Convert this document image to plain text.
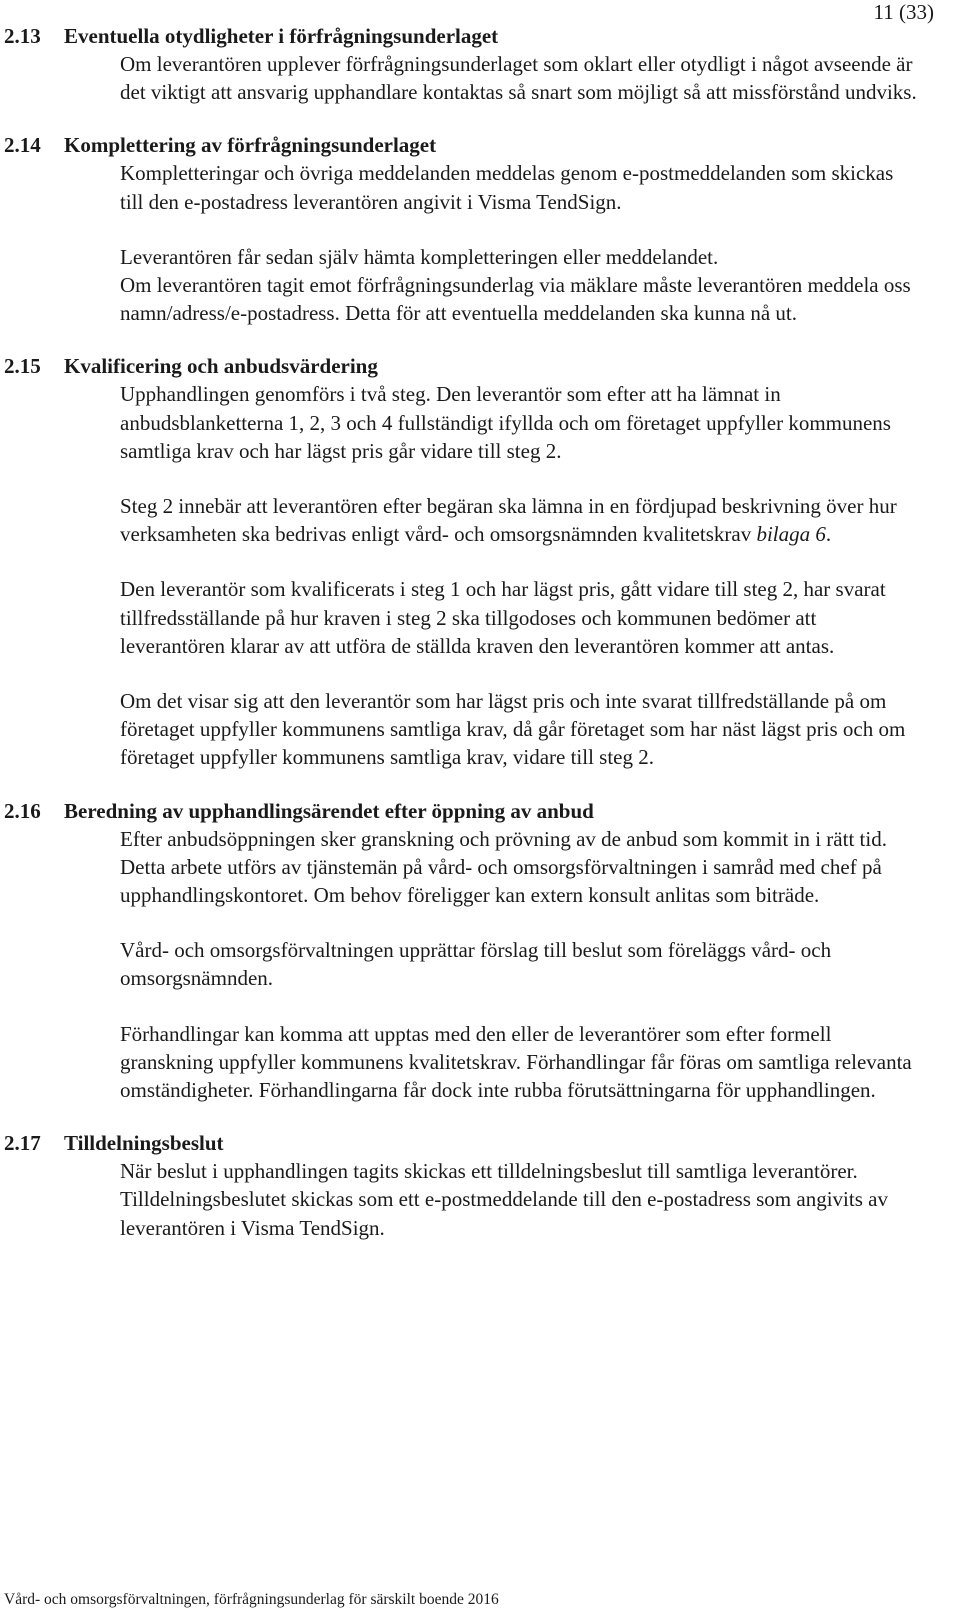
11 (33)
2.13	Eventuella otydligheter i förfrågningsunderlaget

Om leverantören upplever förfrågningsunderlaget som oklart eller otydligt i något avseende är det viktigt att ansvarig upphandlare kontaktas så snart som möjligt så att missförstånd undviks.

2.14	Komplettering av förfrågningsunderlaget

Kompletteringar och övriga meddelanden meddelas genom e-postmeddelanden som skickas till den e-postadress leverantören angivit i Visma TendSign.

Leverantören får sedan själv hämta kompletteringen eller meddelandet.

Om leverantören tagit emot förfrågningsunderlag via mäklare måste leverantören meddela oss namn/adress/e-postadress. Detta för att eventuella meddelanden ska kunna nå ut.

2.15	Kvalificering och anbudsvärdering

Upphandlingen genomförs i två steg. Den leverantör som efter att ha lämnat in anbudsblanketterna 1, 2, 3 och 4 fullständigt ifyllda och om företaget uppfyller kommunens samtliga krav och har lägst pris går vidare till steg 2.

Steg 2 innebär att leverantören efter begäran ska lämna in en fördjupad beskrivning över hur verksamheten ska bedrivas enligt vård- och omsorgsnämnden kvalitetskrav bilaga 6.

Den leverantör som kvalificerats i steg 1 och har lägst pris, gått vidare till steg 2, har svarat tillfredsställande på hur kraven i steg 2 ska tillgodoses och kommunen bedömer att leverantören klarar av att utföra de ställda kraven den leverantören kommer att antas.

Om det visar sig att den leverantör som har lägst pris och inte svarat tillfredställande på om företaget uppfyller kommunens samtliga krav, då går företaget som har näst lägst pris och om företaget uppfyller kommunens samtliga krav, vidare till steg 2.

2.16	Beredning av upphandlingsärendet efter öppning av anbud

Efter anbudsöppningen sker granskning och prövning av de anbud som kommit in i rätt tid. Detta arbete utförs av tjänstemän på vård- och omsorgsförvaltningen i samråd med chef på upphandlingskontoret. Om behov föreligger kan extern konsult anlitas som biträde.

Vård- och omsorgsförvaltningen upprättar förslag till beslut som föreläggs vård- och omsorgsnämnden.

Förhandlingar kan komma att upptas med den eller de leverantörer som efter formell granskning uppfyller kommunens kvalitetskrav. Förhandlingar får föras om samtliga relevanta omständigheter. Förhandlingarna får dock inte rubba förutsättningarna för upphandlingen.

2.17	Tilldelningsbeslut

När beslut i upphandlingen tagits skickas ett tilldelningsbeslut till samtliga leverantörer.

Tilldelningsbeslutet skickas som ett e-postmeddelande till den e-postadress som angivits av leverantören i Visma TendSign.

Vård- och omsorgsförvaltningen, förfrågningsunderlag för särskilt boende 2016
